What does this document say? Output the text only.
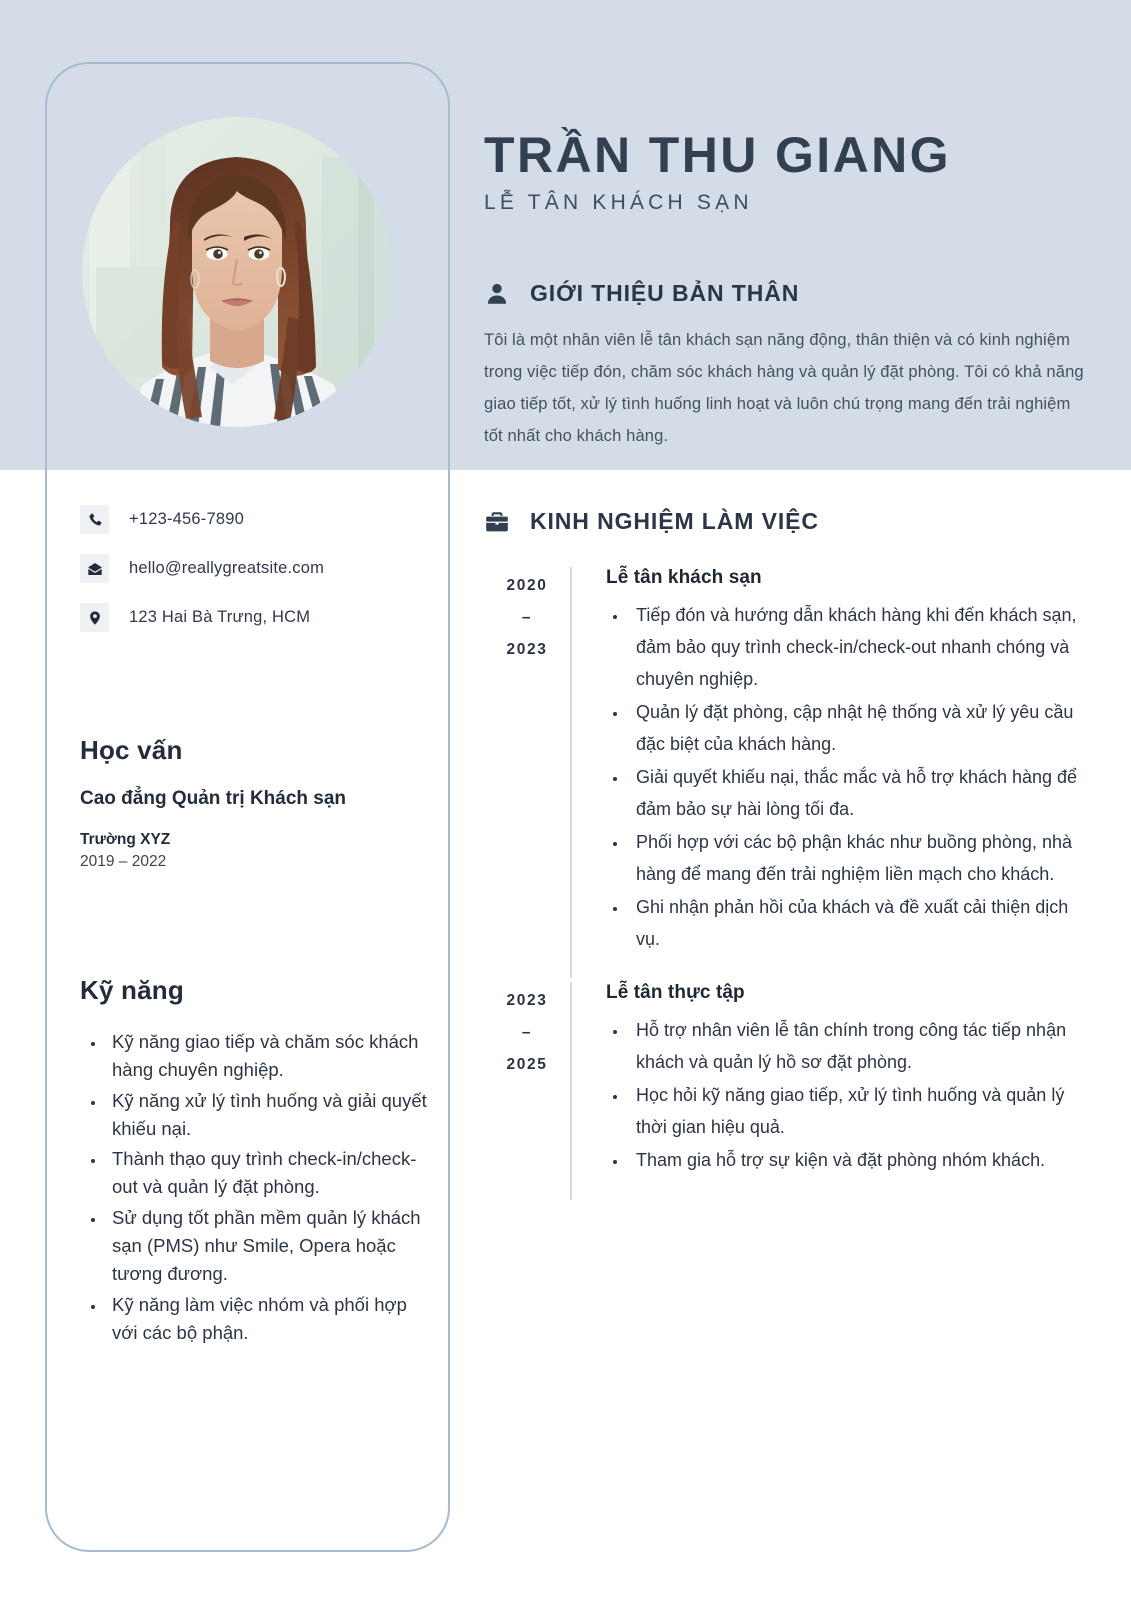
TRẦN THU GIANG
LỄ TÂN KHÁCH SẠN
GIỚI THIỆU BẢN THÂN
Tôi là một nhân viên lễ tân khách sạn năng động, thân thiện và có kinh nghiệm trong việc tiếp đón, chăm sóc khách hàng và quản lý đặt phòng. Tôi có khả năng giao tiếp tốt, xử lý tình huống linh hoạt và luôn chú trọng mang đến trải nghiệm tốt nhất cho khách hàng.
+123-456-7890
hello@reallygreatsite.com
123 Hai Bà Trưng, HCM
Học vấn
Cao đẳng Quản trị Khách sạn
Trường XYZ
2019 – 2022
Kỹ năng
• Kỹ năng giao tiếp và chăm sóc khách hàng chuyên nghiệp.
• Kỹ năng xử lý tình huống và giải quyết khiếu nại.
• Thành thạo quy trình check-in/check-out và quản lý đặt phòng.
• Sử dụng tốt phần mềm quản lý khách sạn (PMS) như Smile, Opera hoặc tương đương.
• Kỹ năng làm việc nhóm và phối hợp với các bộ phận.
KINH NGHIỆM LÀM VIỆC
2020
–
2023
Lễ tân khách sạn
• Tiếp đón và hướng dẫn khách hàng khi đến khách sạn, đảm bảo quy trình check-in/check-out nhanh chóng và chuyên nghiệp.
• Quản lý đặt phòng, cập nhật hệ thống và xử lý yêu cầu đặc biệt của khách hàng.
• Giải quyết khiếu nại, thắc mắc và hỗ trợ khách hàng để đảm bảo sự hài lòng tối đa.
• Phối hợp với các bộ phận khác như buồng phòng, nhà hàng để mang đến trải nghiệm liền mạch cho khách.
• Ghi nhận phản hồi của khách và đề xuất cải thiện dịch vụ.
2023
–
2025
Lễ tân thực tập
• Hỗ trợ nhân viên lễ tân chính trong công tác tiếp nhận khách và quản lý hồ sơ đặt phòng.
• Học hỏi kỹ năng giao tiếp, xử lý tình huống và quản lý thời gian hiệu quả.
• Tham gia hỗ trợ sự kiện và đặt phòng nhóm khách.
